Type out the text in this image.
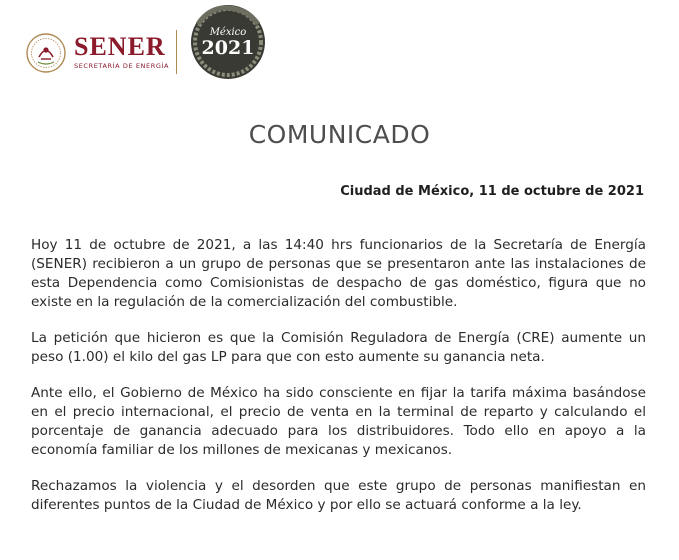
SENER
SECRETARÍA DE ENERGÍA
México
2021
COMUNICADO
Ciudad de México, 11 de octubre de 2021

Hoy 11 de octubre de 2021, a las 14:40 hrs funcionarios de la Secretaría de Energía (SENER) recibieron a un grupo de personas que se presentaron ante las instalaciones de esta Dependencia como Comisionistas de despacho de gas doméstico, figura que no existe en la regulación de la comercialización del combustible.

La petición que hicieron es que la Comisión Reguladora de Energía (CRE) aumente un peso (1.00) el kilo del gas LP para que con esto aumente su ganancia neta.

Ante ello, el Gobierno de México ha sido consciente en fijar la tarifa máxima basándose en el precio internacional, el precio de venta en la terminal de reparto y calculando el porcentaje de ganancia adecuado para los distribuidores. Todo ello en apoyo a la economía familiar de los millones de mexicanas y mexicanos.

Rechazamos la violencia y el desorden que este grupo de personas manifiestan en diferentes puntos de la Ciudad de México y por ello se actuará conforme a la ley.
